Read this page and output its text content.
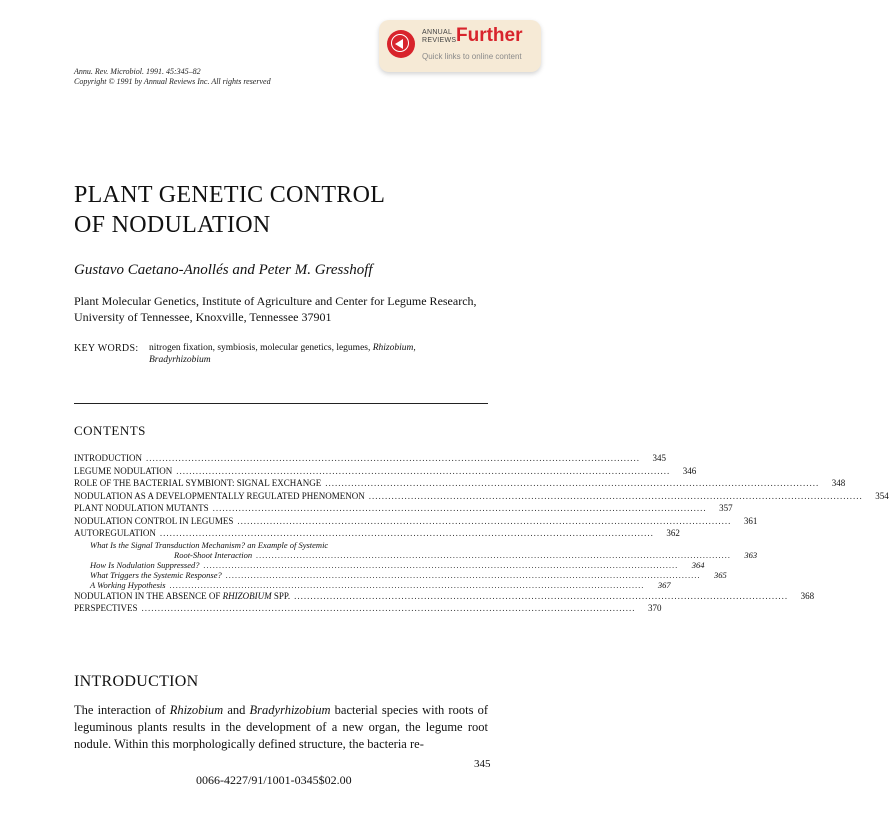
ANNUAL
REVIEWS Further
Quick links to online content
Annu. Rev. Microbiol. 1991. 45:345–82
Copyright © 1991 by Annual Reviews Inc. All rights reserved
PLANT GENETIC CONTROL
OF NODULATION
Gustavo Caetano-Anollés and Peter M. Gresshoff
Plant Molecular Genetics, Institute of Agriculture and Center for Legume Research, University of Tennessee, Knoxville, Tennessee 37901
KEY WORDS: nitrogen fixation, symbiosis, molecular genetics, legumes, Rhizobium,
Bradyrhizobium
CONTENTS
INTRODUCTION ........................................................................................................................................................	345
LEGUME NODULATION ........................................................................................................................................................	346
ROLE OF THE BACTERIAL SYMBIONT: SIGNAL EXCHANGE ........................................................................................................................................................	348
NODULATION AS A DEVELOPMENTALLY REGULATED PHENOMENON ........................................................................................................................................................	354
PLANT NODULATION MUTANTS ........................................................................................................................................................	357
NODULATION CONTROL IN LEGUMES ........................................................................................................................................................	361
AUTOREGULATION ........................................................................................................................................................	362
What Is the Signal Transduction Mechanism? an Example of Systemic
Root-Shoot Interaction ........................................................................................................................................................	363
How Is Nodulation Suppressed? ........................................................................................................................................................	364
What Triggers the Systemic Response? ........................................................................................................................................................	365
A Working Hypothesis ........................................................................................................................................................	367
NODULATION IN THE ABSENCE OF RHIZOBIUM SPP. ........................................................................................................................................................	368
PERSPECTIVES ........................................................................................................................................................	370
INTRODUCTION

The interaction of Rhizobium and Bradyrhizobium bacterial species with roots of leguminous plants results in the development of a new organ, the legume root nodule. Within this morphologically defined structure, the bacteria re-

345
0066-4227/91/1001-0345$02.00
